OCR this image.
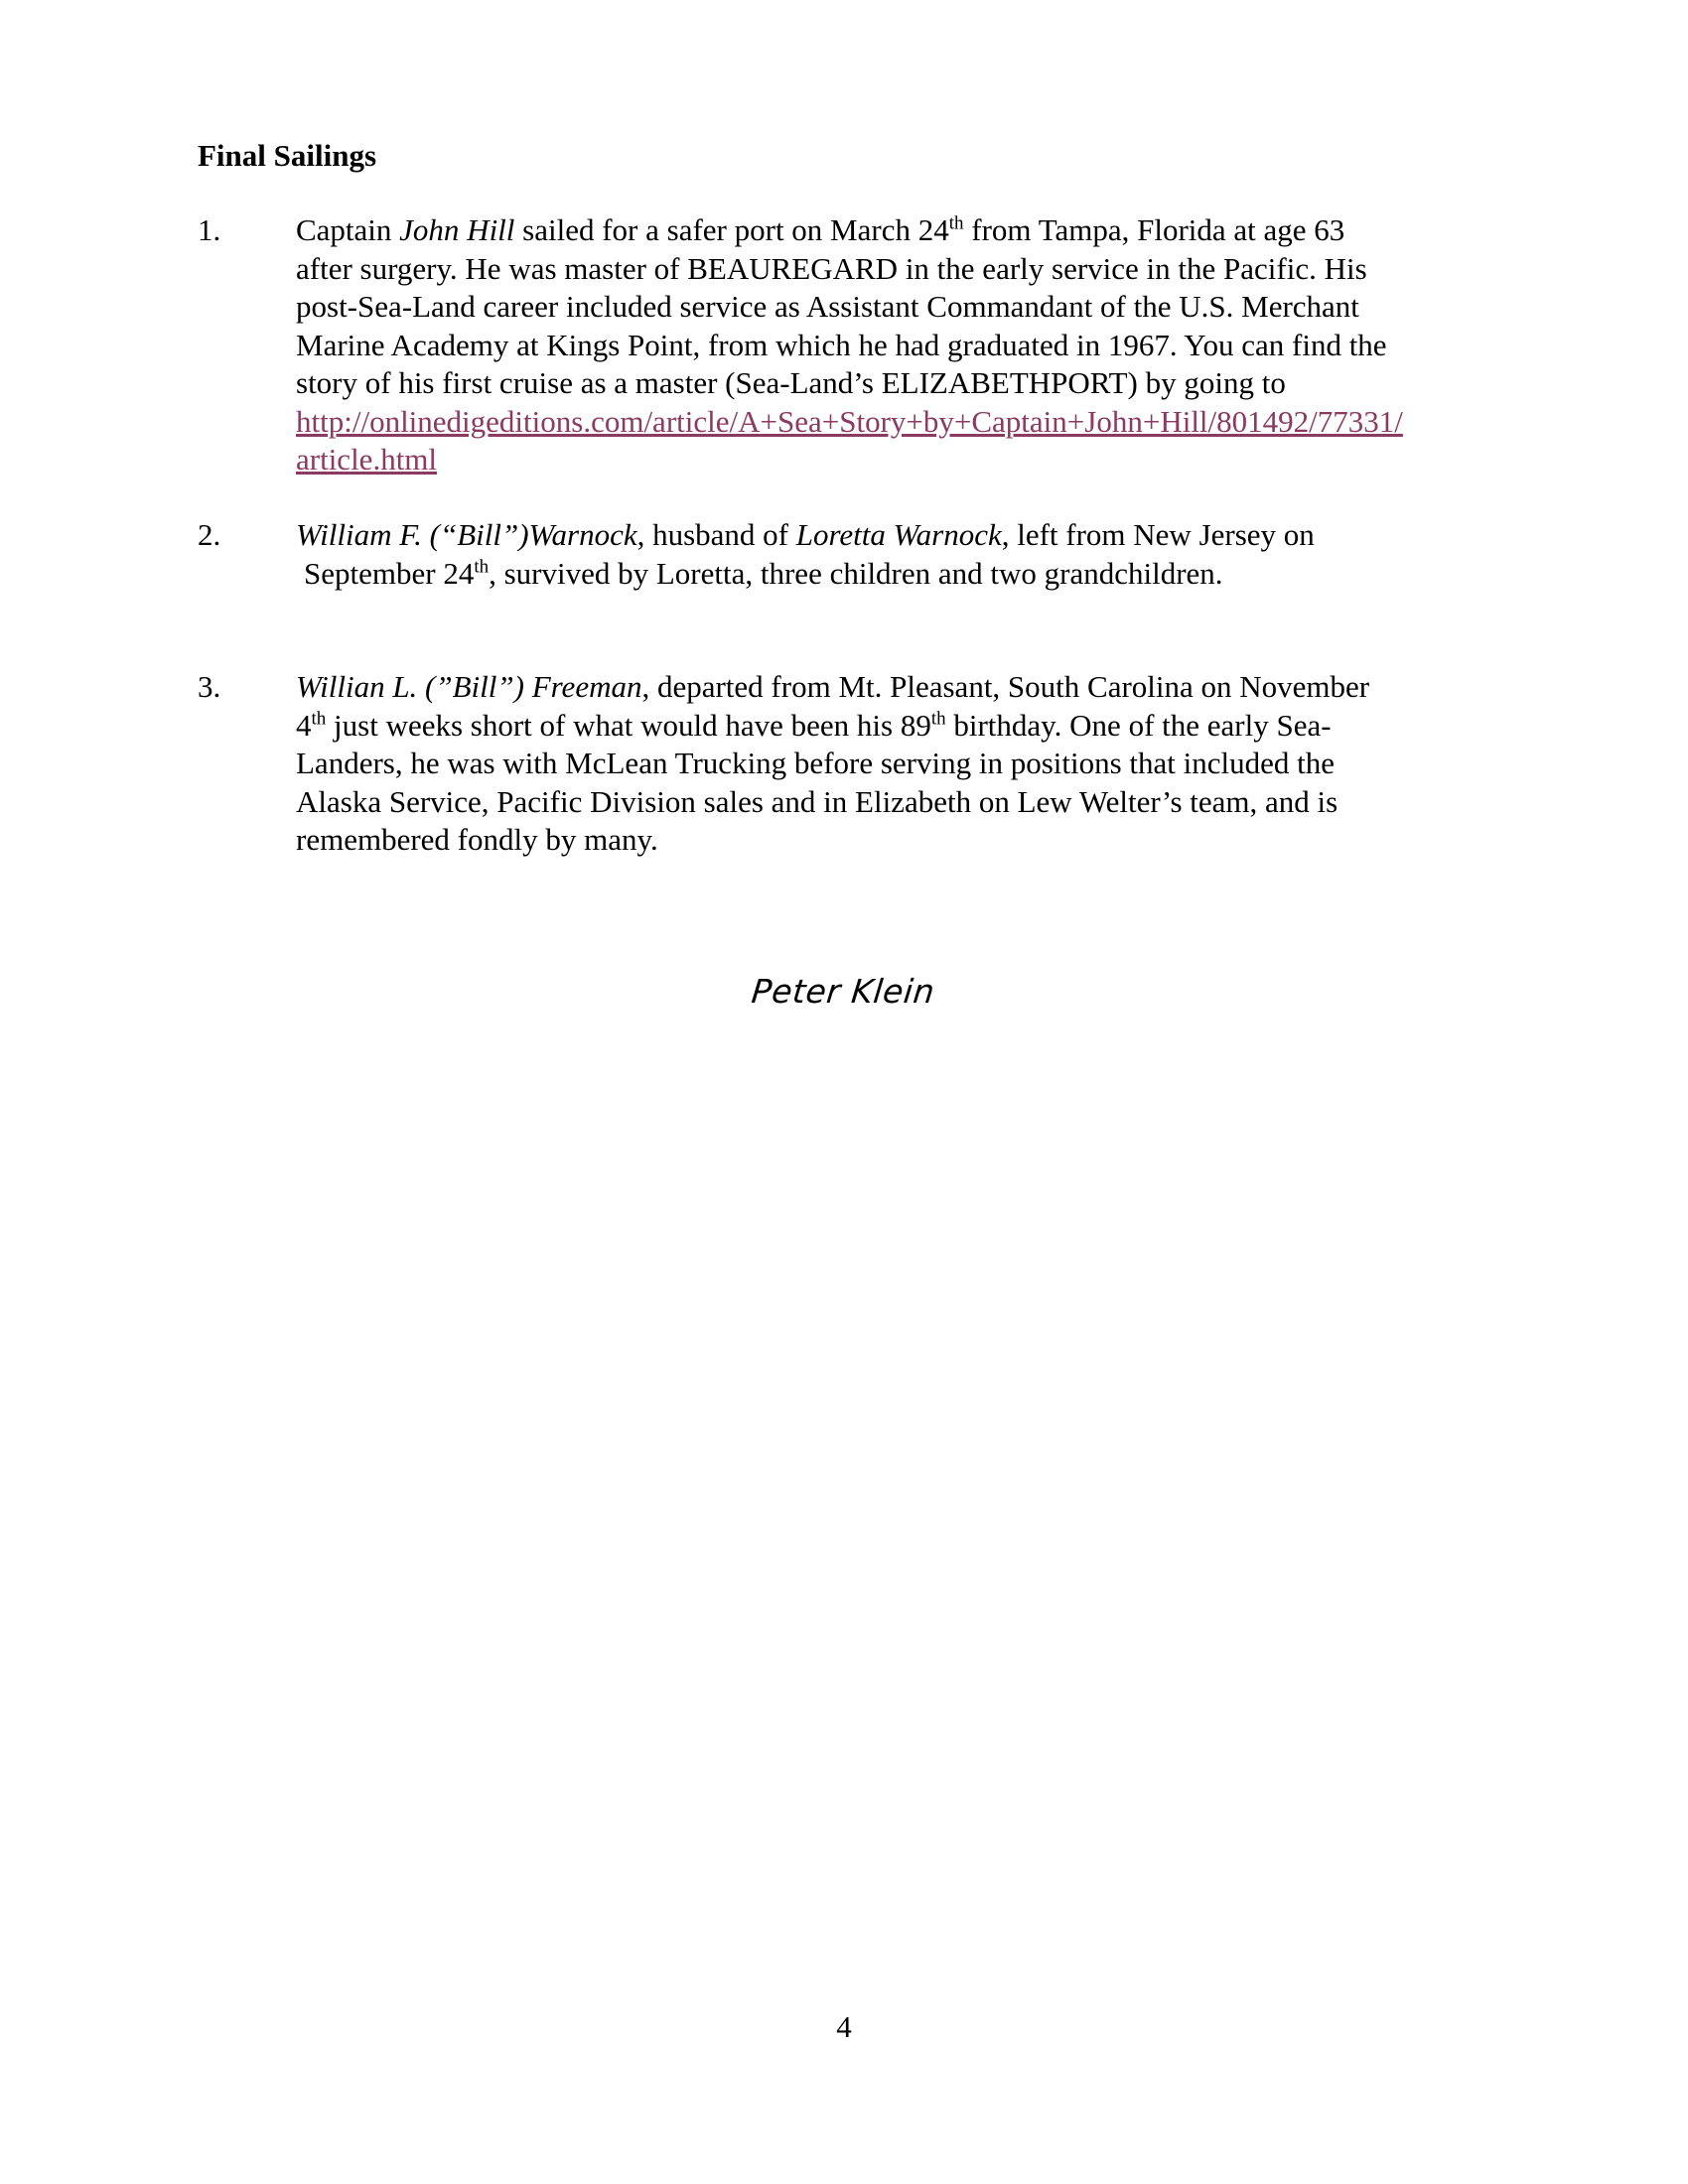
Final Sailings
1. Captain John Hill sailed for a safer port on March 24th from Tampa, Florida at age 63
after surgery. He was master of BEAUREGARD in the early service in the Pacific. His
post-Sea-Land career included service as Assistant Commandant of the U.S. Merchant
Marine Academy at Kings Point, from which he had graduated in 1967. You can find the
story of his first cruise as a master (Sea-Land’s ELIZABETHPORT) by going to
http://onlinedigeditions.com/article/A+Sea+Story+by+Captain+John+Hill/801492/77331/
article.html
2. William F. (“Bill”)Warnock, husband of Loretta Warnock, left from New Jersey on
September 24th, survived by Loretta, three children and two grandchildren.
3. Willian L. (”Bill”) Freeman, departed from Mt. Pleasant, South Carolina on November
4th just weeks short of what would have been his 89th birthday. One of the early Sea-
Landers, he was with McLean Trucking before serving in positions that included the
Alaska Service, Pacific Division sales and in Elizabeth on Lew Welter’s team, and is
remembered fondly by many.
Peter Klein
4
